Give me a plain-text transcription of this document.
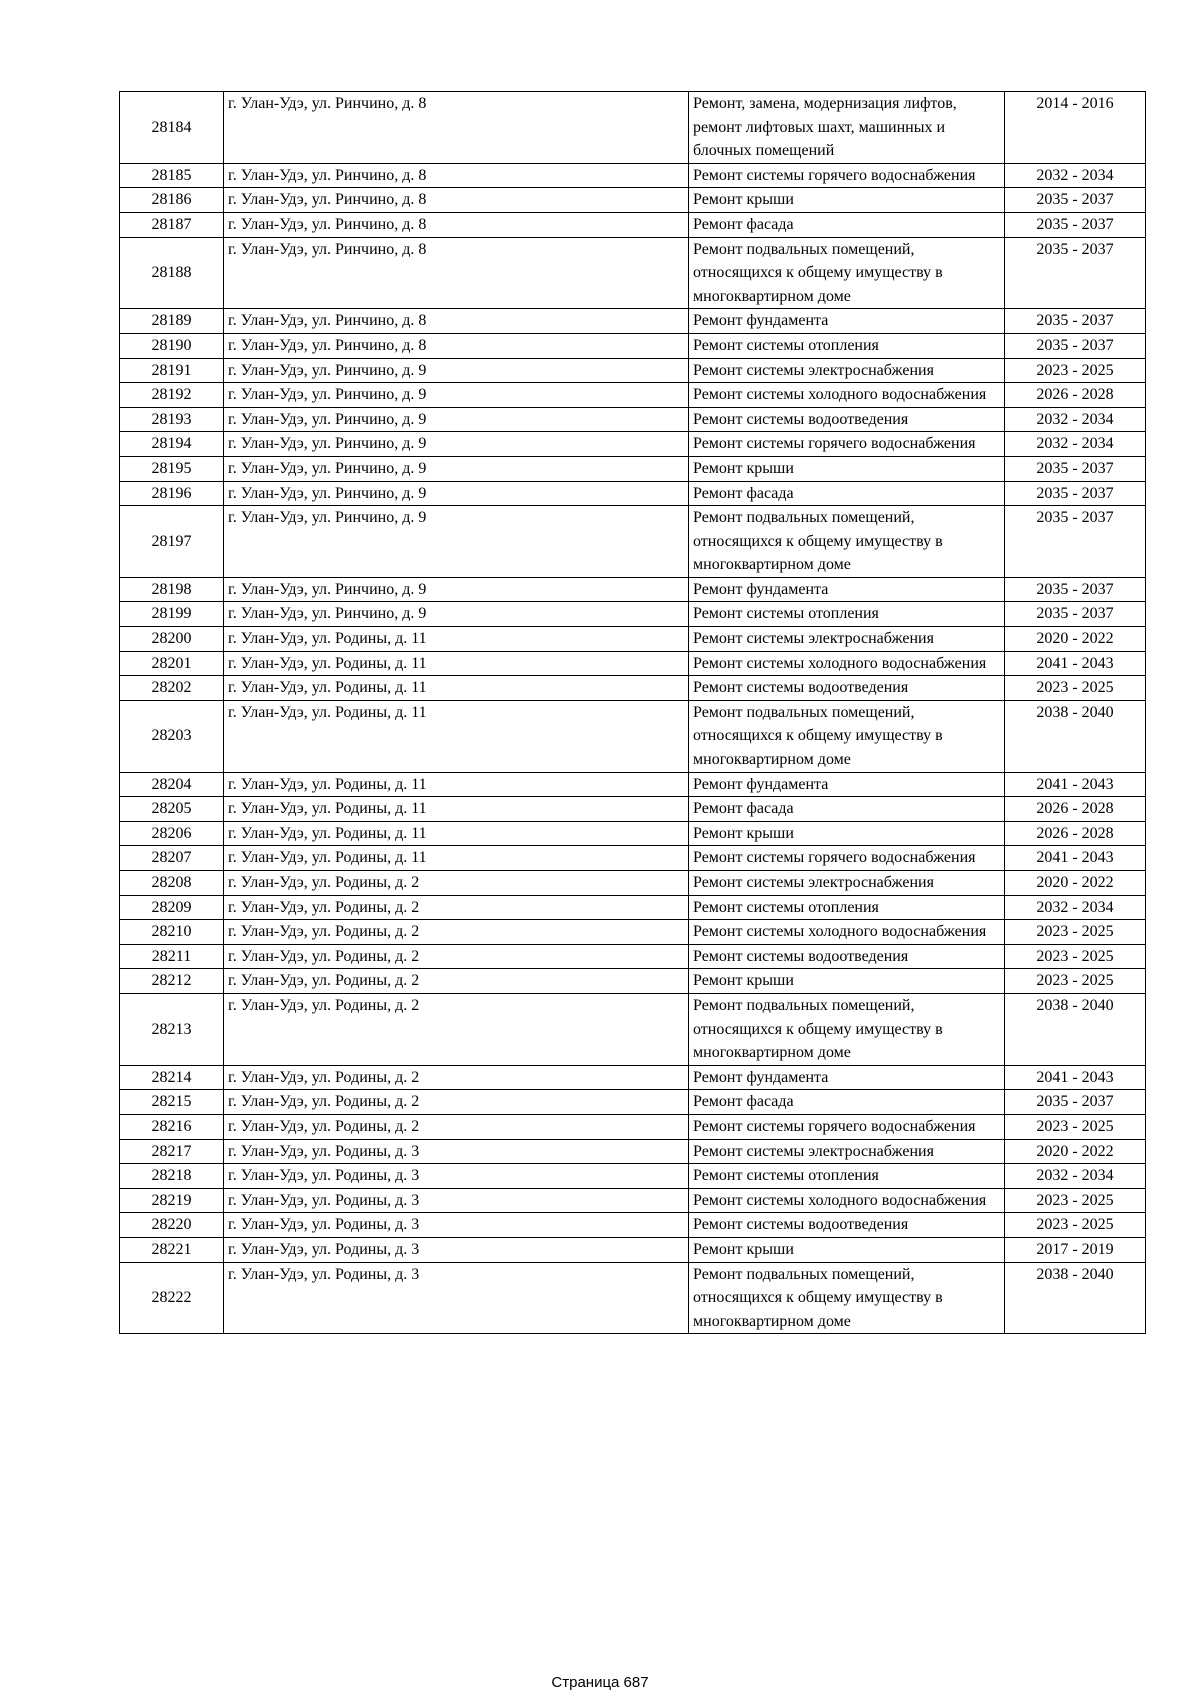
28184	г. Улан-Удэ, ул. Ринчино, д. 8	Ремонт, замена, модернизация лифтов, ремонт лифтовых шахт, машинных и блочных помещений	2014 - 2016
28185	г. Улан-Удэ, ул. Ринчино, д. 8	Ремонт системы горячего водоснабжения	2032 - 2034
28186	г. Улан-Удэ, ул. Ринчино, д. 8	Ремонт крыши	2035 - 2037
28187	г. Улан-Удэ, ул. Ринчино, д. 8	Ремонт фасада	2035 - 2037
28188	г. Улан-Удэ, ул. Ринчино, д. 8	Ремонт подвальных помещений, относящихся к общему имуществу в многоквартирном доме	2035 - 2037
28189	г. Улан-Удэ, ул. Ринчино, д. 8	Ремонт фундамента	2035 - 2037
28190	г. Улан-Удэ, ул. Ринчино, д. 8	Ремонт системы отопления	2035 - 2037
28191	г. Улан-Удэ, ул. Ринчино, д. 9	Ремонт системы электроснабжения	2023 - 2025
28192	г. Улан-Удэ, ул. Ринчино, д. 9	Ремонт системы холодного водоснабжения	2026 - 2028
28193	г. Улан-Удэ, ул. Ринчино, д. 9	Ремонт системы водоотведения	2032 - 2034
28194	г. Улан-Удэ, ул. Ринчино, д. 9	Ремонт системы горячего водоснабжения	2032 - 2034
28195	г. Улан-Удэ, ул. Ринчино, д. 9	Ремонт крыши	2035 - 2037
28196	г. Улан-Удэ, ул. Ринчино, д. 9	Ремонт фасада	2035 - 2037
28197	г. Улан-Удэ, ул. Ринчино, д. 9	Ремонт подвальных помещений, относящихся к общему имуществу в многоквартирном доме	2035 - 2037
28198	г. Улан-Удэ, ул. Ринчино, д. 9	Ремонт фундамента	2035 - 2037
28199	г. Улан-Удэ, ул. Ринчино, д. 9	Ремонт системы отопления	2035 - 2037
28200	г. Улан-Удэ, ул. Родины, д. 11	Ремонт системы электроснабжения	2020 - 2022
28201	г. Улан-Удэ, ул. Родины, д. 11	Ремонт системы холодного водоснабжения	2041 - 2043
28202	г. Улан-Удэ, ул. Родины, д. 11	Ремонт системы водоотведения	2023 - 2025
28203	г. Улан-Удэ, ул. Родины, д. 11	Ремонт подвальных помещений, относящихся к общему имуществу в многоквартирном доме	2038 - 2040
28204	г. Улан-Удэ, ул. Родины, д. 11	Ремонт фундамента	2041 - 2043
28205	г. Улан-Удэ, ул. Родины, д. 11	Ремонт фасада	2026 - 2028
28206	г. Улан-Удэ, ул. Родины, д. 11	Ремонт крыши	2026 - 2028
28207	г. Улан-Удэ, ул. Родины, д. 11	Ремонт системы горячего водоснабжения	2041 - 2043
28208	г. Улан-Удэ, ул. Родины, д. 2	Ремонт системы электроснабжения	2020 - 2022
28209	г. Улан-Удэ, ул. Родины, д. 2	Ремонт системы отопления	2032 - 2034
28210	г. Улан-Удэ, ул. Родины, д. 2	Ремонт системы холодного водоснабжения	2023 - 2025
28211	г. Улан-Удэ, ул. Родины, д. 2	Ремонт системы водоотведения	2023 - 2025
28212	г. Улан-Удэ, ул. Родины, д. 2	Ремонт крыши	2023 - 2025
28213	г. Улан-Удэ, ул. Родины, д. 2	Ремонт подвальных помещений, относящихся к общему имуществу в многоквартирном доме	2038 - 2040
28214	г. Улан-Удэ, ул. Родины, д. 2	Ремонт фундамента	2041 - 2043
28215	г. Улан-Удэ, ул. Родины, д. 2	Ремонт фасада	2035 - 2037
28216	г. Улан-Удэ, ул. Родины, д. 2	Ремонт системы горячего водоснабжения	2023 - 2025
28217	г. Улан-Удэ, ул. Родины, д. 3	Ремонт системы электроснабжения	2020 - 2022
28218	г. Улан-Удэ, ул. Родины, д. 3	Ремонт системы отопления	2032 - 2034
28219	г. Улан-Удэ, ул. Родины, д. 3	Ремонт системы холодного водоснабжения	2023 - 2025
28220	г. Улан-Удэ, ул. Родины, д. 3	Ремонт системы водоотведения	2023 - 2025
28221	г. Улан-Удэ, ул. Родины, д. 3	Ремонт крыши	2017 - 2019
28222	г. Улан-Удэ, ул. Родины, д. 3	Ремонт подвальных помещений, относящихся к общему имуществу в многоквартирном доме	2038 - 2040
Страница 687
